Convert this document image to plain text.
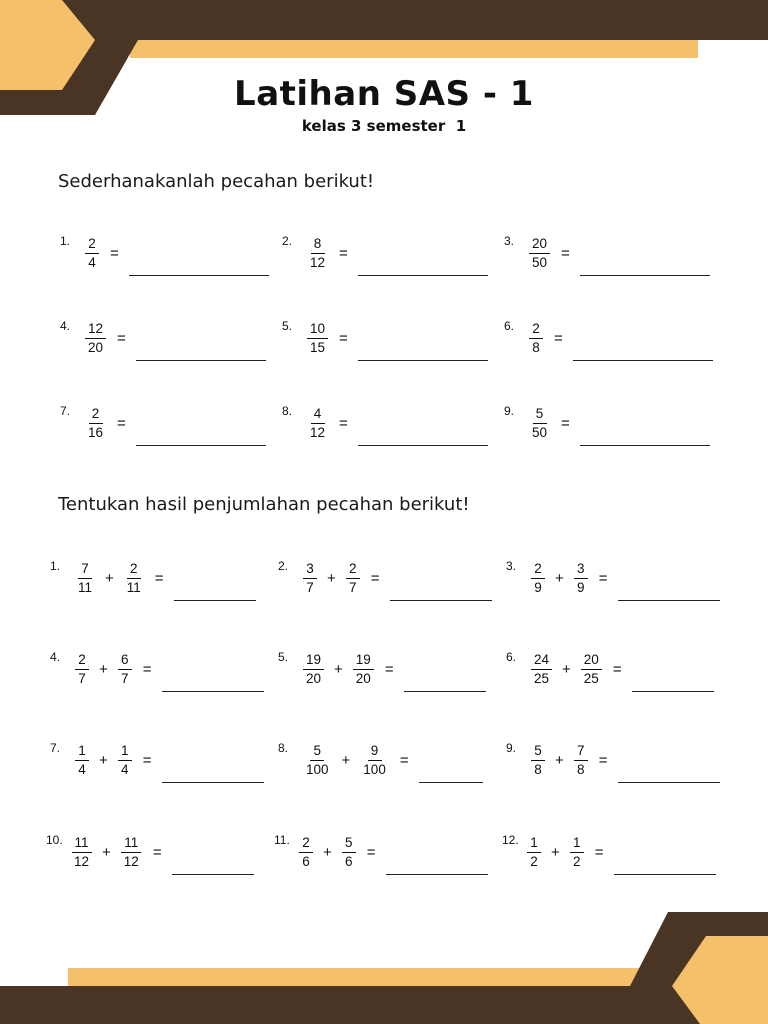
Latihan SAS - 1
kelas 3 semester  1
Sederhanakanlah pecahan berikut!
1.	$\frac{2}{4}$ =
2.	$\frac{8}{12}$ =
3.	$\frac{20}{50}$ =
4.	$\frac{12}{20}$ =
5.	$\frac{10}{15}$ =
6.	$\frac{2}{8}$ =
7.	$\frac{2}{16}$ =
8.	$\frac{4}{12}$ =
9.	$\frac{5}{50}$ =
Tentukan hasil penjumlahan pecahan berikut!
1.	$\frac{7}{11} + \frac{2}{11}$ =
2.	$\frac{3}{7} + \frac{2}{7}$ =
3.	$\frac{2}{9} + \frac{3}{9}$ =
4.	$\frac{2}{7} + \frac{6}{7}$ =
5.	$\frac{19}{20} + \frac{19}{20}$ =
6.	$\frac{24}{25} + \frac{20}{25}$ =
7.	$\frac{1}{4} + \frac{1}{4}$ =
8.	$\frac{5}{100} + \frac{9}{100}$ =
9.	$\frac{5}{8} + \frac{7}{8}$ =
10. $\frac{11}{12} + \frac{11}{12}$ =
11. $\frac{2}{6} + \frac{5}{6}$ =
12. $\frac{1}{2} + \frac{1}{2}$ =
